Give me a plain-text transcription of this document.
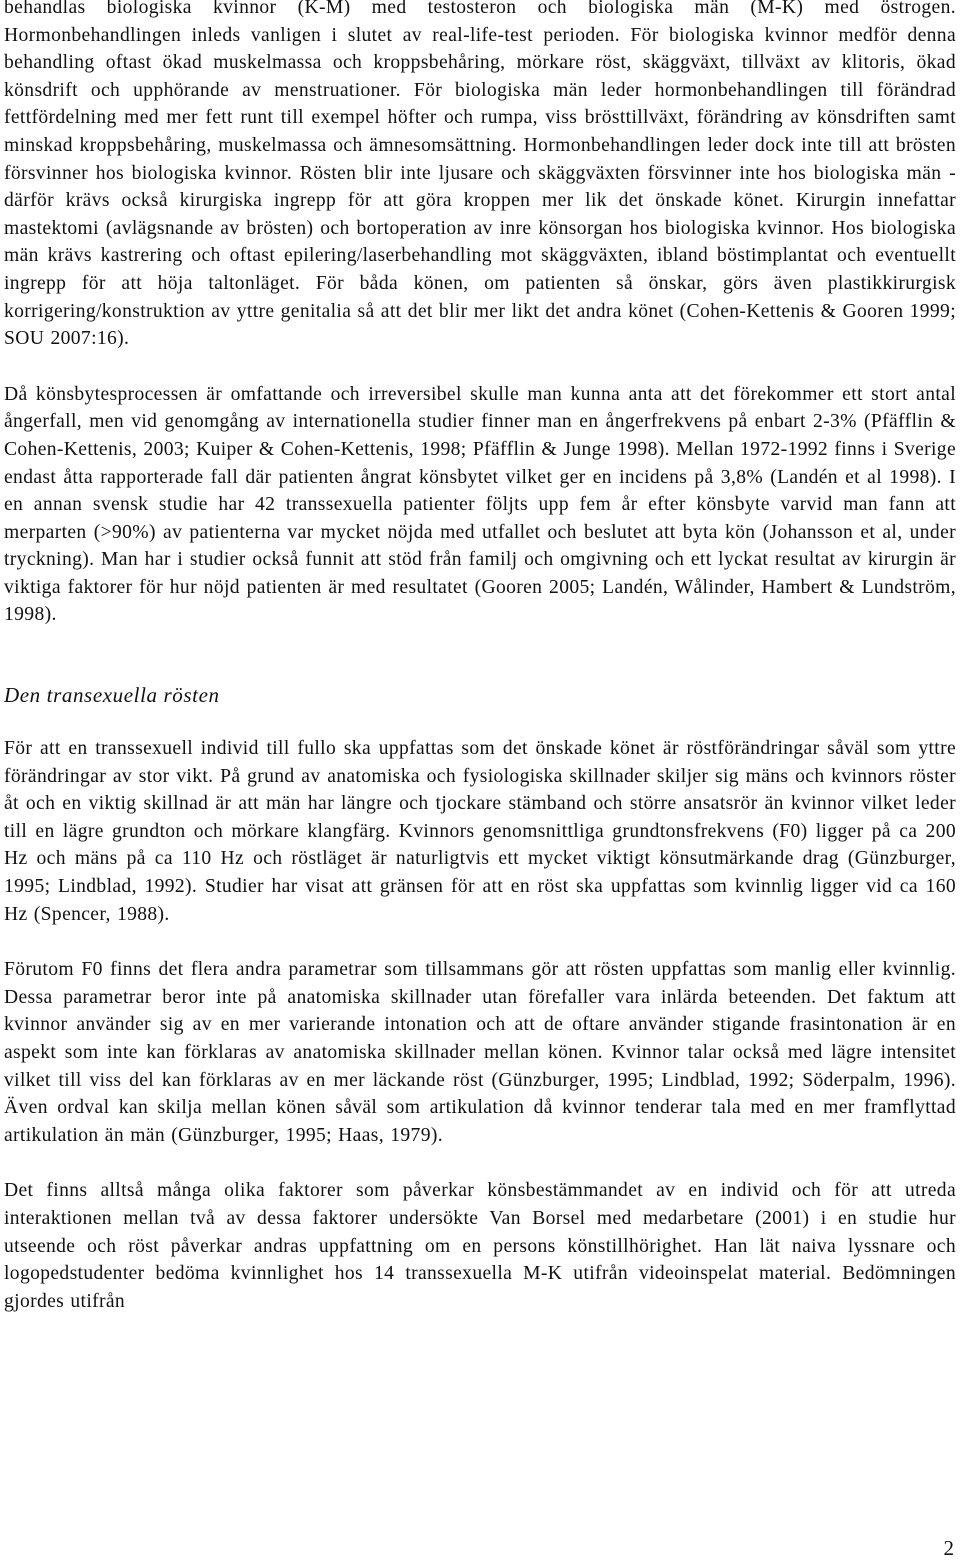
behandlas biologiska kvinnor (K-M) med testosteron och biologiska män (M-K) med östrogen. Hormonbehandlingen inleds vanligen i slutet av real-life-test perioden. För biologiska kvinnor medför denna behandling oftast ökad muskelmassa och kroppsbehåring, mörkare röst, skäggväxt, tillväxt av klitoris, ökad könsdrift och upphörande av menstruationer. För biologiska män leder hormonbehandlingen till förändrad fettfördelning med mer fett runt till exempel höfter och rumpa, viss brösttillväxt, förändring av könsdriften samt minskad kroppsbehåring, muskelmassa och ämnesomsättning. Hormonbehandlingen leder dock inte till att brösten försvinner hos biologiska kvinnor. Rösten blir inte ljusare och skäggväxten försvinner inte hos biologiska män - därför krävs också kirurgiska ingrepp för att göra kroppen mer lik det önskade könet. Kirurgin innefattar mastektomi (avlägsnande av brösten) och bortoperation av inre könsorgan hos biologiska kvinnor. Hos biologiska män krävs kastrering och oftast epilering/laserbehandling mot skäggväxten, ibland böstimplantat och eventuellt ingrepp för att höja taltonläget. För båda könen, om patienten så önskar, görs även plastikkirurgisk korrigering/konstruktion av yttre genitalia så att det blir mer likt det andra könet (Cohen-Kettenis & Gooren 1999; SOU 2007:16).

Då könsbytesprocessen är omfattande och irreversibel skulle man kunna anta att det förekommer ett stort antal ångerfall, men vid genomgång av internationella studier finner man en ångerfrekvens på enbart 2-3% (Pfäfflin & Cohen-Kettenis, 2003; Kuiper & Cohen-Kettenis, 1998; Pfäfflin & Junge 1998). Mellan 1972-1992 finns i Sverige endast åtta rapporterade fall där patienten ångrat könsbytet vilket ger en incidens på 3,8% (Landén et al 1998). I en annan svensk studie har 42 transsexuella patienter följts upp fem år efter könsbyte varvid man fann att merparten (>90%) av patienterna var mycket nöjda med utfallet och beslutet att byta kön (Johansson et al, under tryckning). Man har i studier också funnit att stöd från familj och omgivning och ett lyckat resultat av kirurgin är viktiga faktorer för hur nöjd patienten är med resultatet (Gooren 2005; Landén, Wålinder, Hambert & Lundström, 1998).

Den transexuella rösten

För att en transsexuell individ till fullo ska uppfattas som det önskade könet är röstförändringar såväl som yttre förändringar av stor vikt. På grund av anatomiska och fysiologiska skillnader skiljer sig mäns och kvinnors röster åt och en viktig skillnad är att män har längre och tjockare stämband och större ansatsrör än kvinnor vilket leder till en lägre grundton och mörkare klangfärg. Kvinnors genomsnittliga grundtonsfrekvens (F0) ligger på ca 200 Hz och mäns på ca 110 Hz och röstläget är naturligtvis ett mycket viktigt könsutmärkande drag (Günzburger, 1995; Lindblad, 1992). Studier har visat att gränsen för att en röst ska uppfattas som kvinnlig ligger vid ca 160 Hz (Spencer, 1988).

Förutom F0 finns det flera andra parametrar som tillsammans gör att rösten uppfattas som manlig eller kvinnlig. Dessa parametrar beror inte på anatomiska skillnader utan förefaller vara inlärda beteenden. Det faktum att kvinnor använder sig av en mer varierande intonation och att de oftare använder stigande frasintonation är en aspekt som inte kan förklaras av anatomiska skillnader mellan könen. Kvinnor talar också med lägre intensitet vilket till viss del kan förklaras av en mer läckande röst (Günzburger, 1995; Lindblad, 1992; Söderpalm, 1996). Även ordval kan skilja mellan könen såväl som artikulation då kvinnor tenderar tala med en mer framflyttad artikulation än män (Günzburger, 1995; Haas, 1979).

Det finns alltså många olika faktorer som påverkar könsbestämmandet av en individ och för att utreda interaktionen mellan två av dessa faktorer undersökte Van Borsel med medarbetare (2001) i en studie hur utseende och röst påverkar andras uppfattning om en persons könstillhörighet. Han lät naiva lyssnare och logopedstudenter bedöma kvinnlighet hos 14 transsexuella M-K utifrån videoinspelat material. Bedömningen gjordes utifrån

2
